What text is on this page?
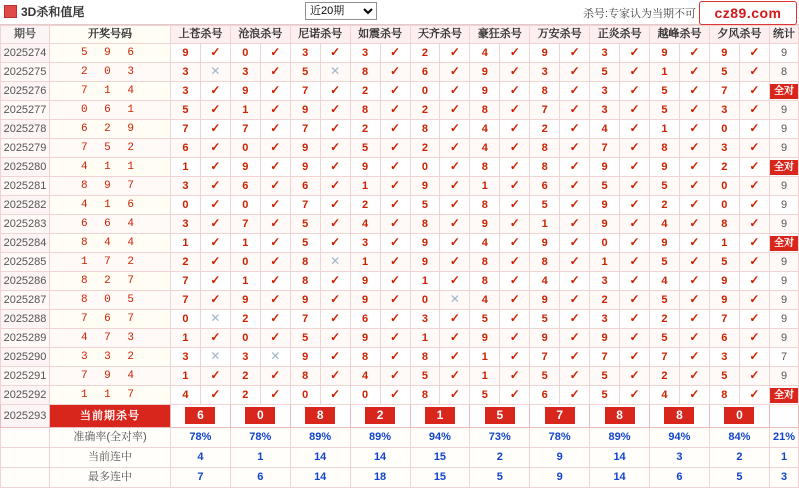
3D杀和值尾
近20期	杀号:专家认为当期不可	cz89.com
期号	开奖号码	上苍杀号		沧浪杀号		尼诺杀号		如震杀号		天齐杀号		豪狂杀号		万安杀号		正炎杀号		越峰杀号		夕风杀号		统计
2025274	5 9 6	9	✓	0	✓	3	✓	3	✓	2	✓	4	✓	9	✓	3	✓	9	✓	9	✓	9
2025275	2 0 3	3	✕	3	✓	5	✕	8	✓	6	✓	9	✓	3	✓	5	✓	1	✓	5	✓	8
2025276	7 1 4	3	✓	9	✓	7	✓	2	✓	0	✓	9	✓	8	✓	3	✓	5	✓	7	✓	全对

2025277	0 6 1	5	✓	1	✓	9	✓	8	✓	2	✓	8	✓	7	✓	3	✓	5	✓	3	✓	9
2025278	6 2 9	7	✓	7	✓	7	✓	2	✓	8	✓	4	✓	2	✓	4	✓	1	✓	0	✓	9
2025279	7 5 2	6	✓	0	✓	9	✓	5	✓	2	✓	4	✓	8	✓	7	✓	8	✓	3	✓	9
2025280	4 1 1	1	✓	9	✓	9	✓	9	✓	0	✓	8	✓	8	✓	9	✓	9	✓	2	✓	全对

2025281	8 9 7	3	✓	6	✓	6	✓	1	✓	9	✓	1	✓	6	✓	5	✓	5	✓	0	✓	9
2025282	4 1 6	0	✓	0	✓	7	✓	2	✓	5	✓	8	✓	5	✓	9	✓	2	✓	0	✓	9
2025283	6 6 4	3	✓	7	✓	5	✓	4	✓	8	✓	9	✓	1	✓	9	✓	4	✓	8	✓	9
2025284	8 4 4	1	✓	1	✓	5	✓	3	✓	9	✓	4	✓	9	✓	0	✓	9	✓	1	✓	全对

2025285	1 7 2	2	✓	0	✓	8	✕	1	✓	9	✓	8	✓	8	✓	1	✓	5	✓	5	✓	9
2025286	8 2 7	7	✓	1	✓	8	✓	9	✓	1	✓	8	✓	4	✓	3	✓	4	✓	9	✓	9
2025287	8 0 5	7	✓	9	✓	9	✓	9	✓	0	✕	4	✓	9	✓	2	✓	5	✓	9	✓	9
2025288	7 6 7	0	✕	2	✓	7	✓	6	✓	3	✓	5	✓	5	✓	3	✓	2	✓	7	✓	9
2025289	4 7 3	1	✓	0	✓	5	✓	9	✓	1	✓	9	✓	9	✓	9	✓	5	✓	6	✓	9
2025290	3 3 2	3	✕	3	✕	9	✓	8	✓	8	✓	1	✓	7	✓	7	✓	7	✓	3	✓	7
2025291	7 9 4	1	✓	2	✓	8	✓	4	✓	5	✓	1	✓	5	✓	5	✓	2	✓	5	✓	9
2025292	1 1 7	4	✓	2	✓	0	✓	0	✓	8	✓	5	✓	6	✓	5	✓	4	✓	8	✓	全对

2025293	当前期杀号	6		0		8		2		1		5		7		8		8		0		
	准确率(全对率)	78%		78%		89%		89%		94%		73%		78%		89%		94%		84%		21%
	当前连中	4		1		14		14		15		2		9		14		3		2		1
	最多连中	7		6		14		18		15		5		9		14		6		5		3
